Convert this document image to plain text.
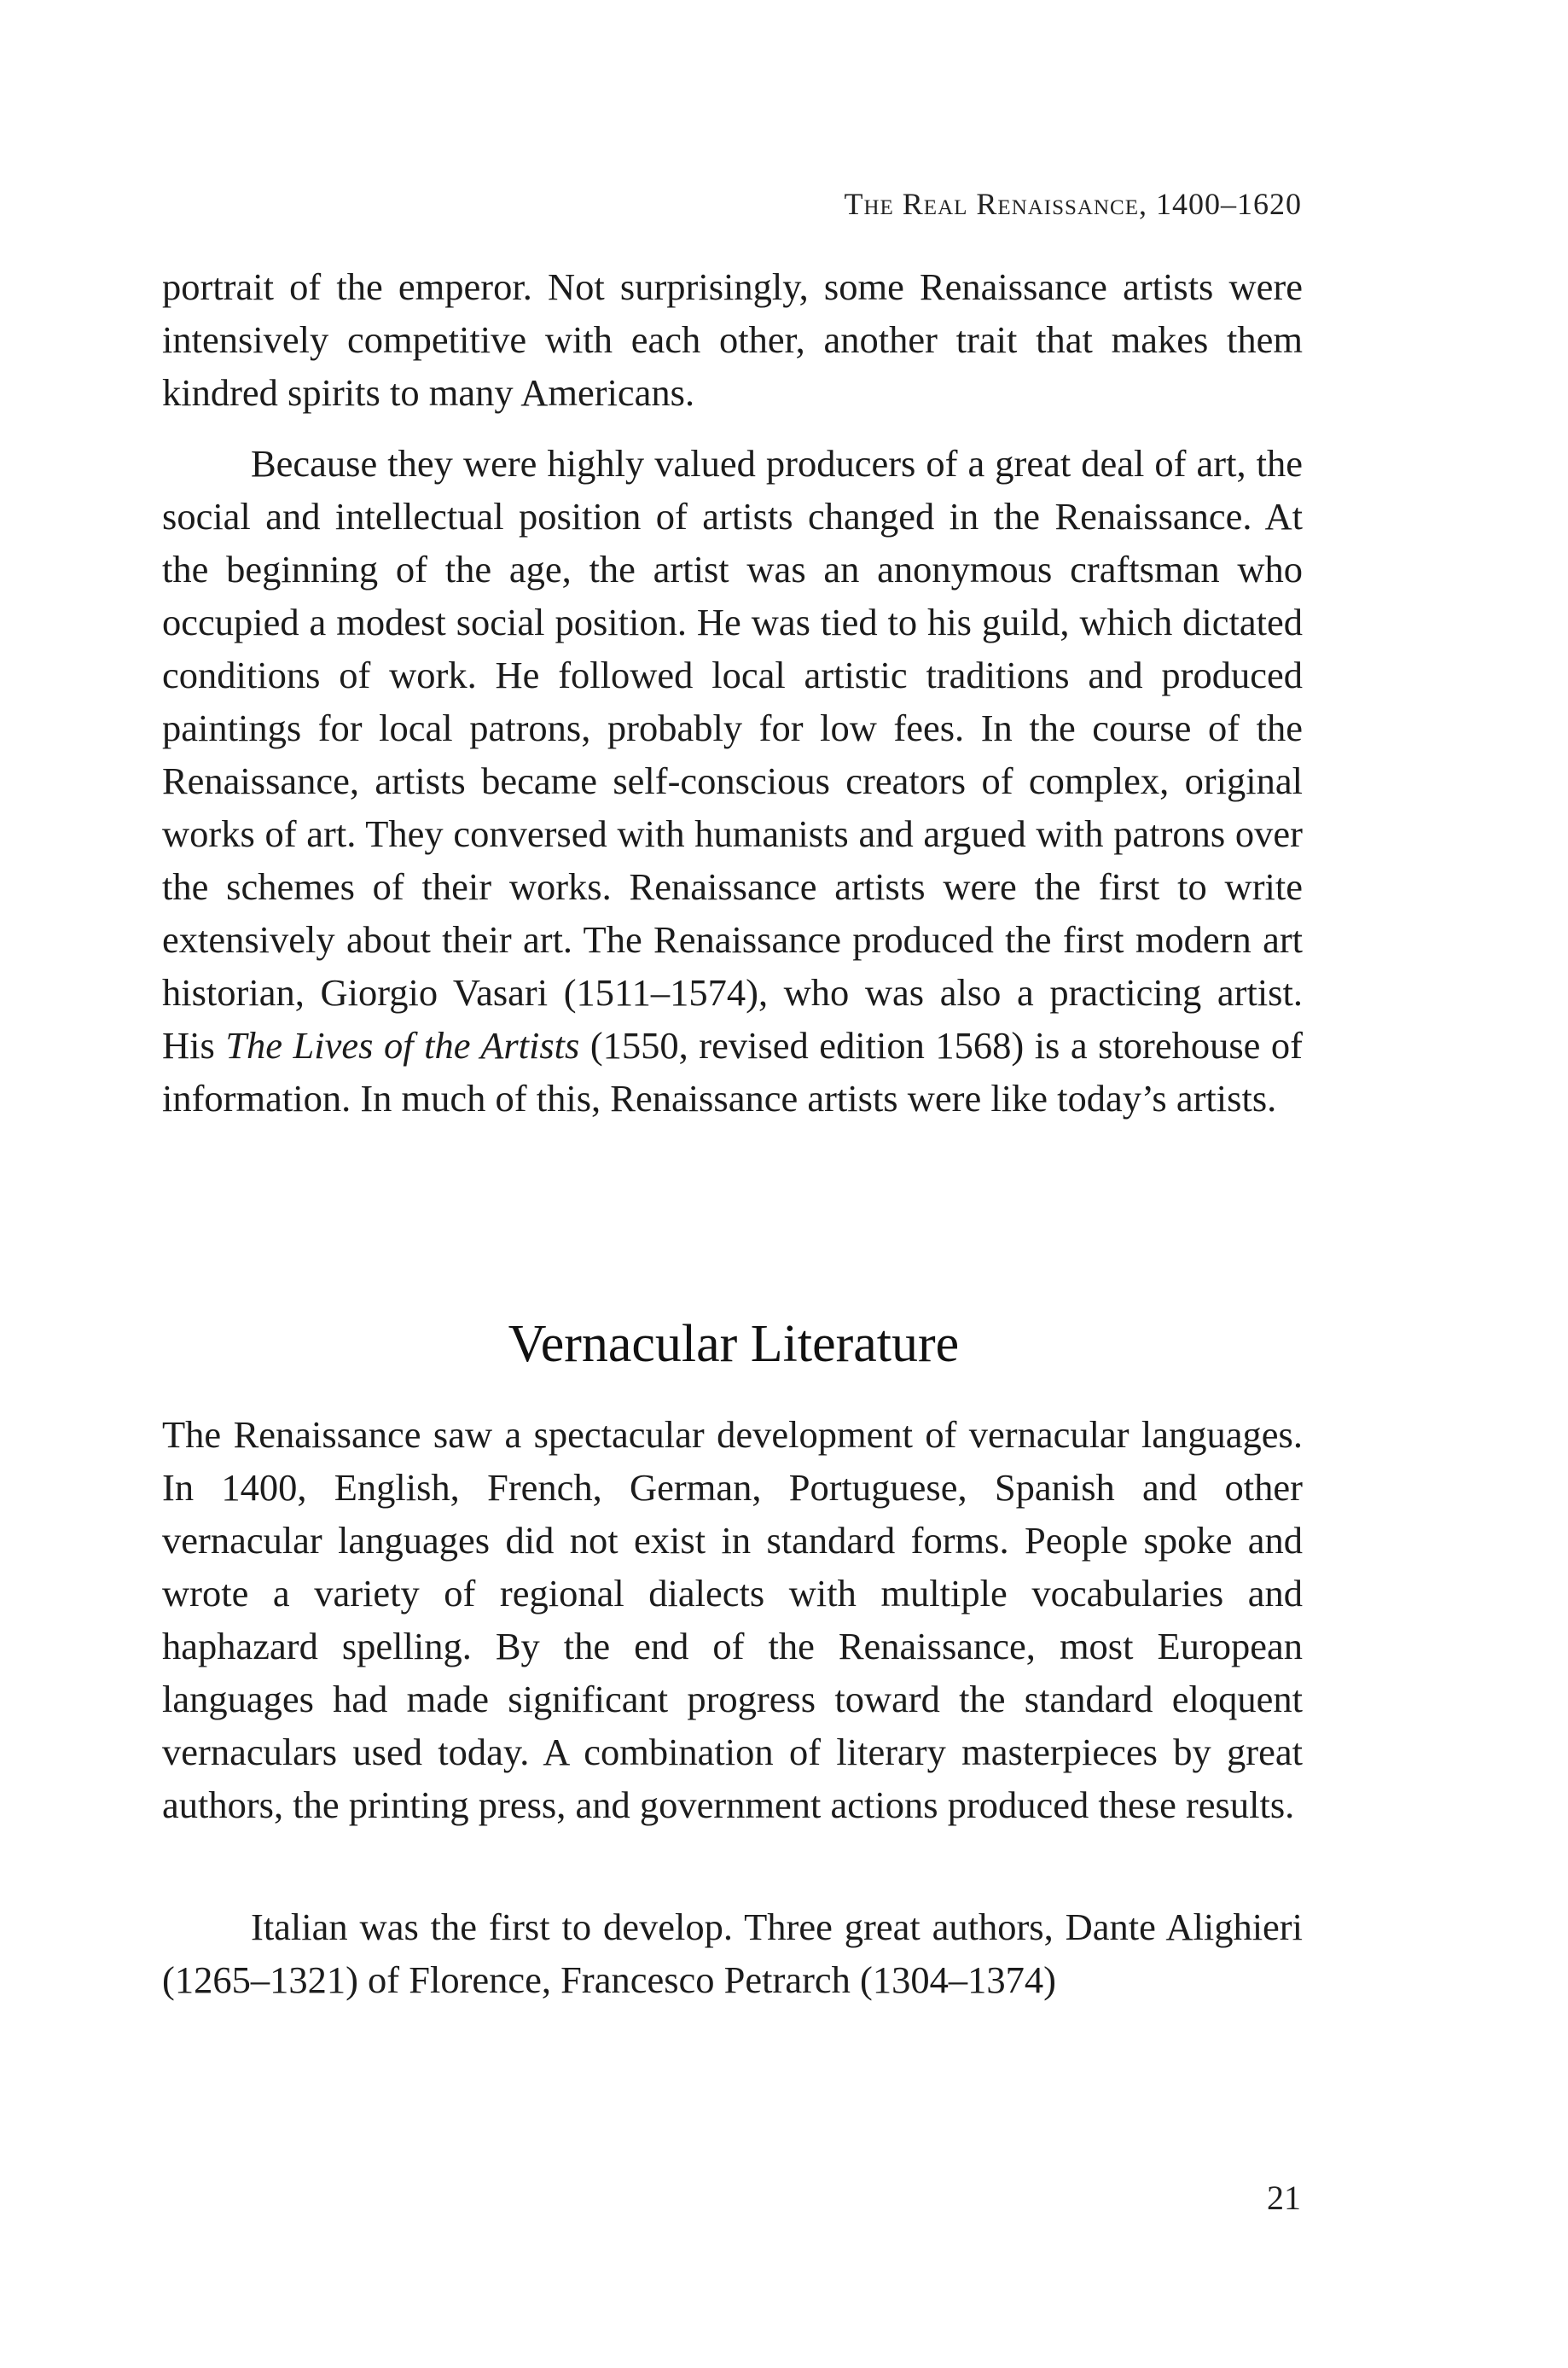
The Real Renaissance, 1400–1620

portrait of the emperor. Not surprisingly, some Renaissance artists were intensively competitive with each other, another trait that makes them kindred spirits to many Americans.

Because they were highly valued producers of a great deal of art, the social and intellectual position of artists changed in the Renaissance. At the beginning of the age, the artist was an anonymous craftsman who occupied a modest social position. He was tied to his guild, which dictated conditions of work. He followed local artistic traditions and produced paintings for local patrons, probably for low fees. In the course of the Renaissance, artists became self-conscious creators of complex, original works of art. They conversed with humanists and argued with patrons over the schemes of their works. Renaissance artists were the first to write extensively about their art. The Renaissance produced the first modern art historian, Giorgio Vasari (1511–1574), who was also a practicing artist. His The Lives of the Artists (1550, revised edition 1568) is a storehouse of information. In much of this, Renaissance artists were like today’s artists.

Vernacular Literature

The Renaissance saw a spectacular development of vernacular languages. In 1400, English, French, German, Portuguese, Spanish and other vernacular languages did not exist in standard forms. People spoke and wrote a variety of regional dialects with multiple vocabularies and haphazard spelling. By the end of the Renaissance, most European languages had made significant progress toward the standard eloquent vernaculars used today. A combination of literary masterpieces by great authors, the printing press, and government actions produced these results.

Italian was the first to develop. Three great authors, Dante Alighieri (1265–1321) of Florence, Francesco Petrarch (1304–1374)

21
